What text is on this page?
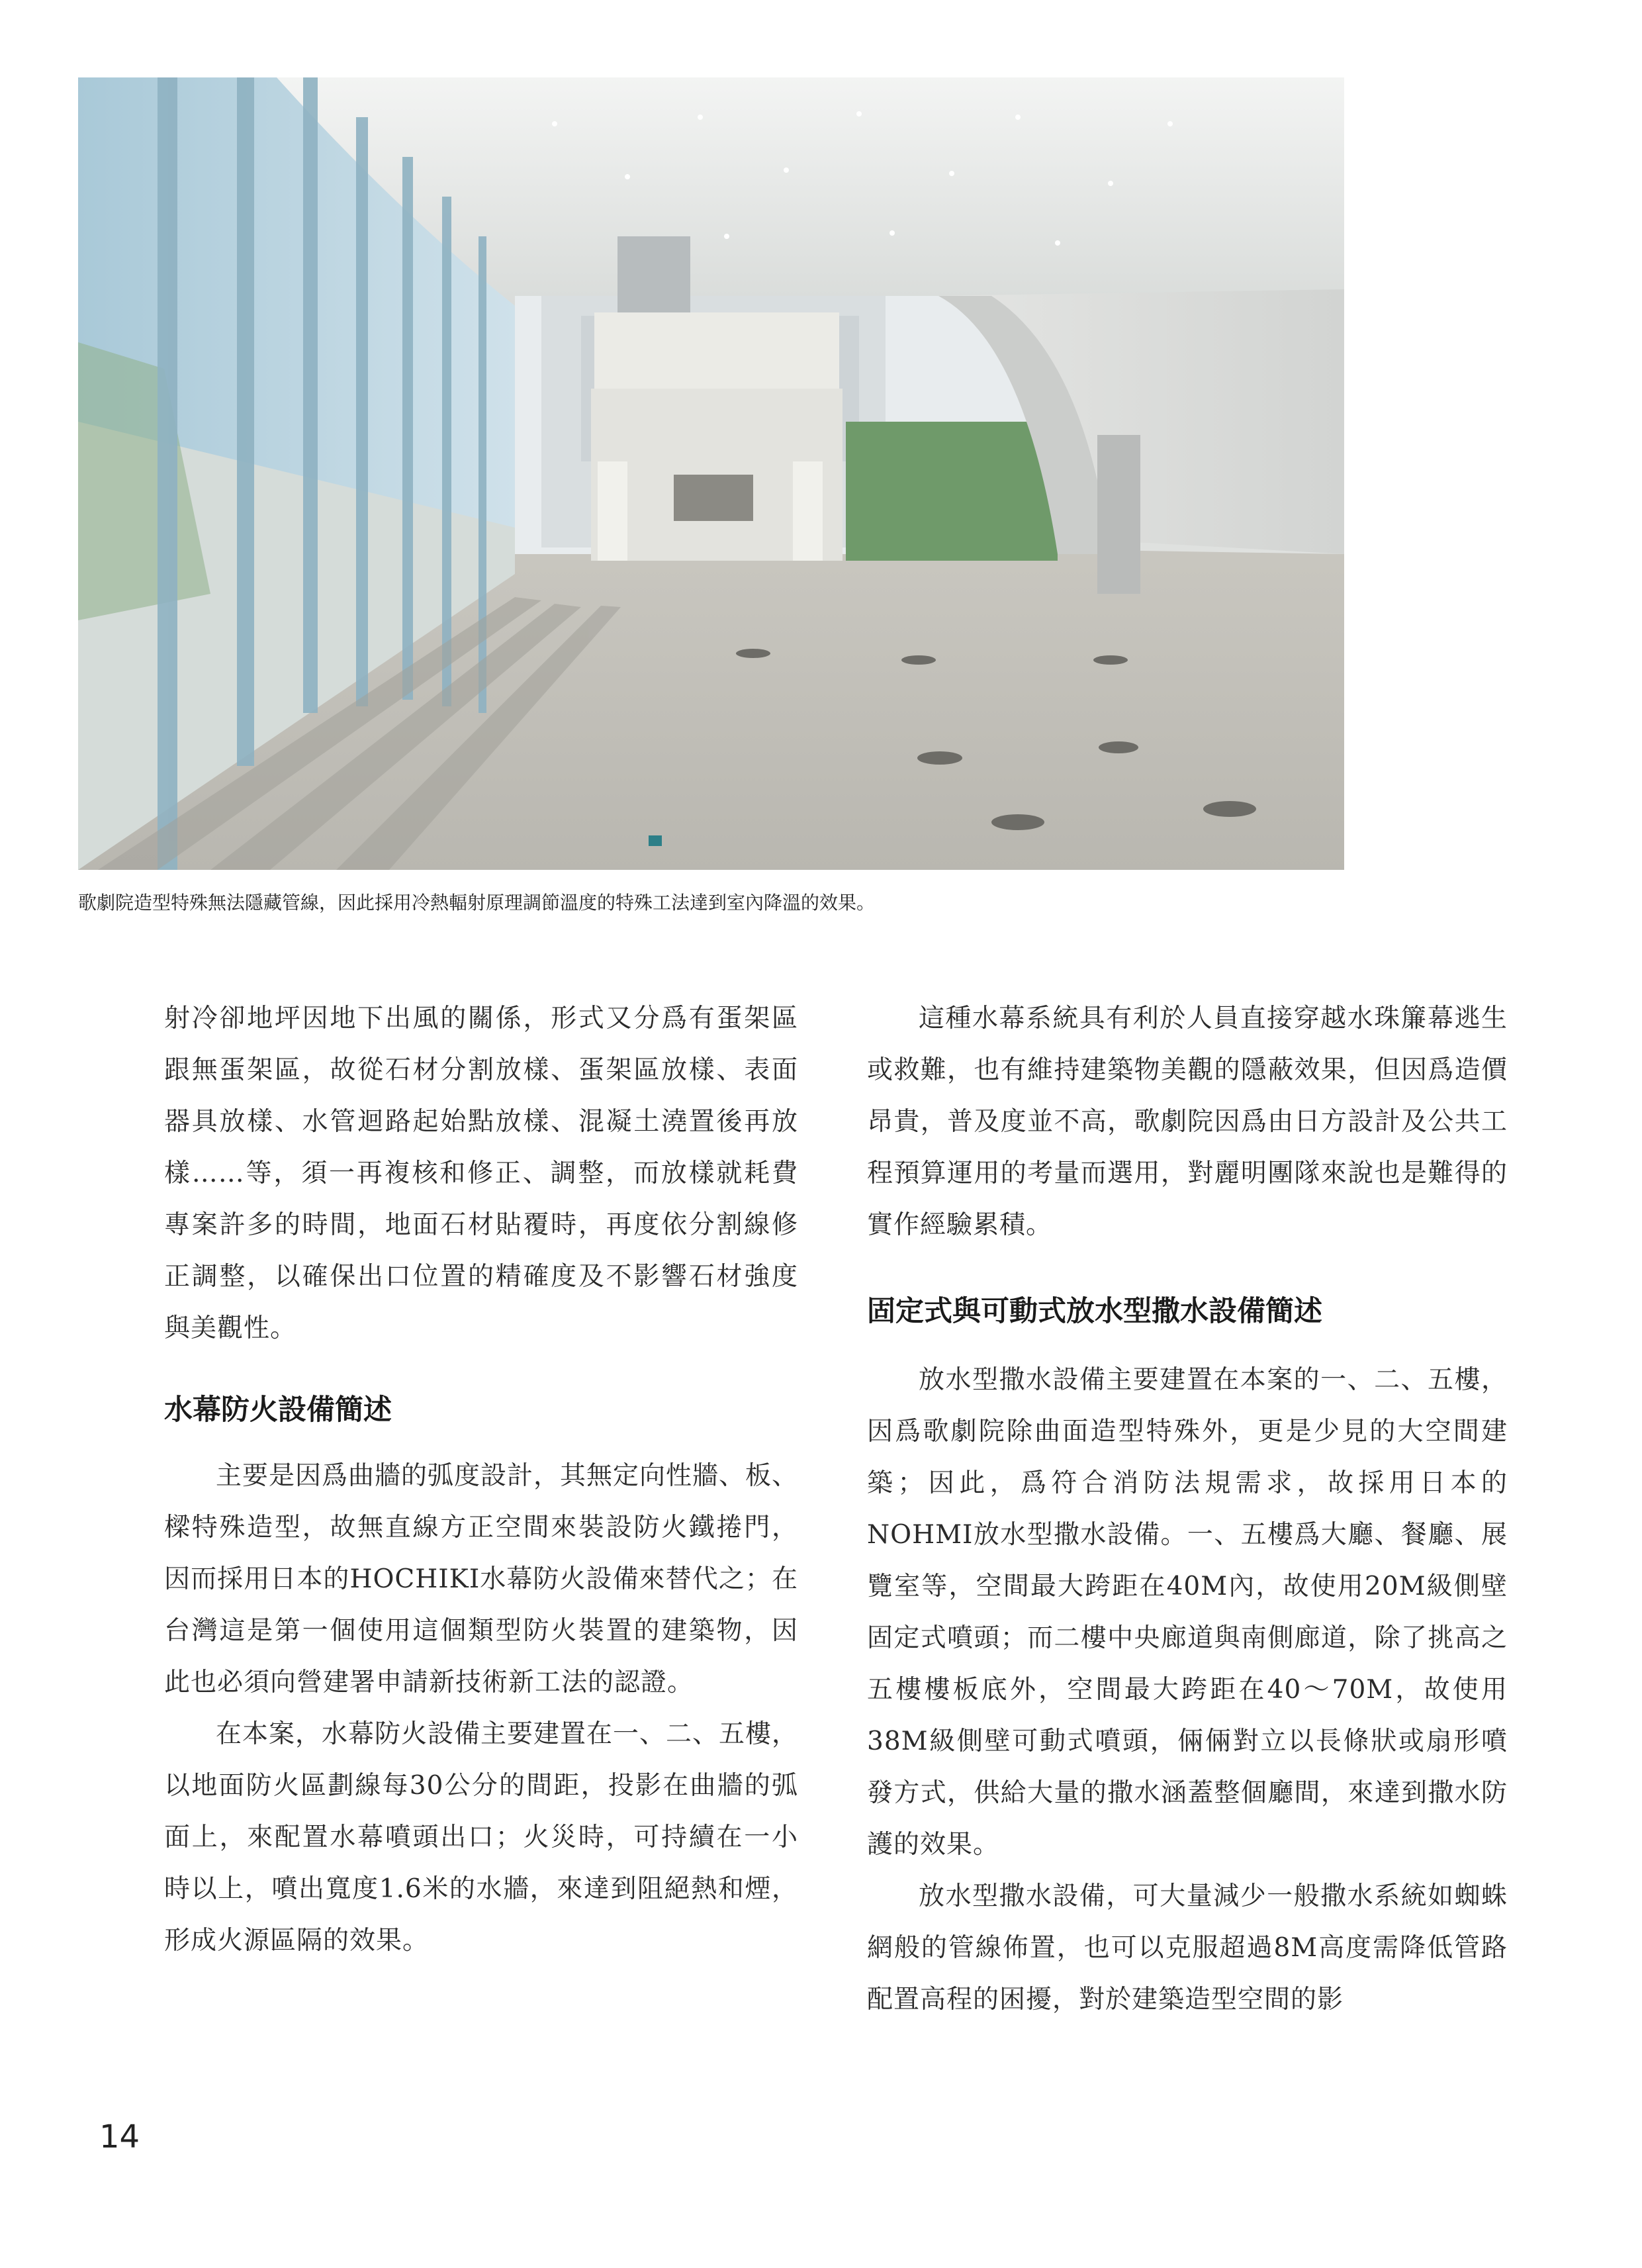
歌劇院造型特殊無法隱藏管線，因此採用冷熱輻射原理調節溫度的特殊工法達到室內降溫的效果。

射冷卻地坪因地下出風的關係，形式又分爲有蛋架區跟無蛋架區，故從石材分割放樣、蛋架區放樣、表面器具放樣、水管迴路起始點放樣、混凝土澆置後再放樣……等，須一再複核和修正、調整，而放樣就耗費專案許多的時間，地面石材貼覆時，再度依分割線修正調整，以確保出口位置的精確度及不影響石材強度與美觀性。

水幕防火設備簡述

主要是因爲曲牆的弧度設計，其無定向性牆、板、樑特殊造型，故無直線方正空間來裝設防火鐵捲門，因而採用日本的HOCHIKI水幕防火設備來替代之；在台灣這是第一個使用這個類型防火裝置的建築物，因此也必須向營建署申請新技術新工法的認證。

在本案，水幕防火設備主要建置在一、二、五樓，以地面防火區劃線每30公分的間距，投影在曲牆的弧面上，來配置水幕噴頭出口；火災時，可持續在一小時以上，噴出寬度1.6米的水牆，來達到阻絕熱和煙，形成火源區隔的效果。

這種水幕系統具有利於人員直接穿越水珠簾幕逃生或救難，也有維持建築物美觀的隱蔽效果，但因爲造價昂貴，普及度並不高，歌劇院因爲由日方設計及公共工程預算運用的考量而選用，對麗明團隊來說也是難得的實作經驗累積。

固定式與可動式放水型撒水設備簡述

放水型撒水設備主要建置在本案的一、二、五樓，因爲歌劇院除曲面造型特殊外，更是少見的大空間建築；因此，爲符合消防法規需求，故採用日本的NOHMI放水型撒水設備。一、五樓爲大廳、餐廳、展覽室等，空間最大跨距在40M內，故使用20M級側壁固定式噴頭；而二樓中央廊道與南側廊道，除了挑高之五樓樓板底外，空間最大跨距在40～70M，故使用38M級側壁可動式噴頭，倆倆對立以長條狀或扇形噴發方式，供給大量的撒水涵蓋整個廳間，來達到撒水防護的效果。

放水型撒水設備，可大量減少一般撒水系統如蜘蛛網般的管線佈置，也可以克服超過8M高度需降低管路配置高程的困擾，對於建築造型空間的影

14
